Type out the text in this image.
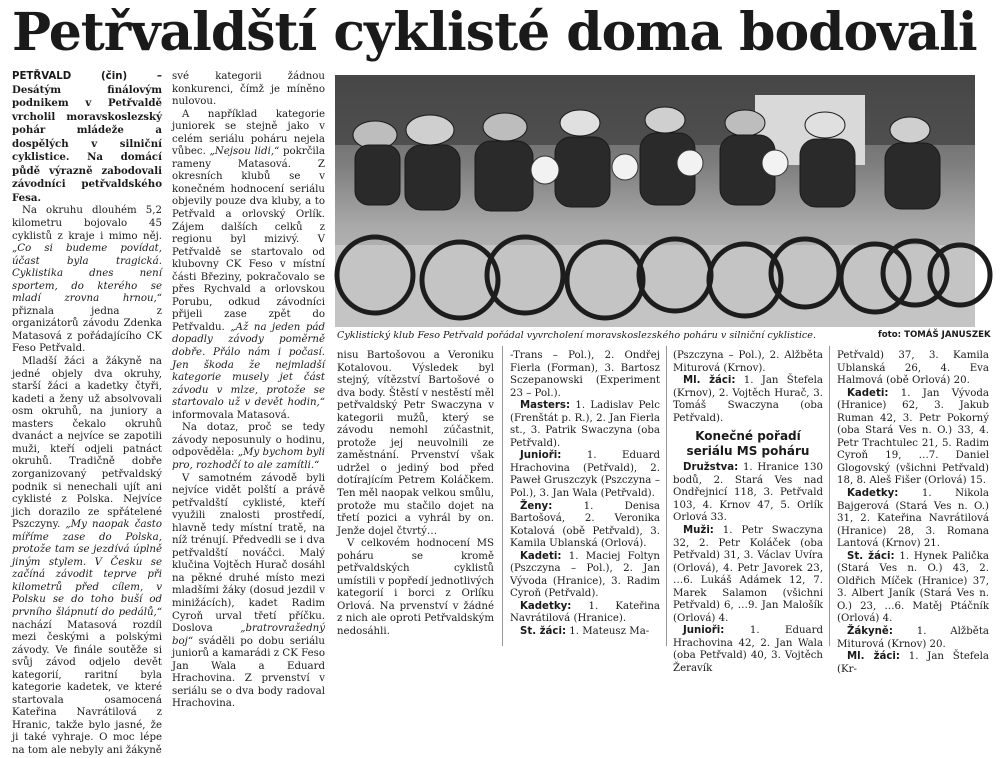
Petřvaldští cyklisté doma bodovali

PETŘVALD (čin) – Desátým finálovým podnikem v Petřvaldě vrcholil moravskoslezský pohár mládeže a dospělých v silniční cyklistice. Na domácí půdě výrazně zabodovali závodníci petřvaldského Fesa.

Na okruhu dlouhém 5,2 kilometru bojovalo 45 cyklistů z kraje i mimo něj. „Co si budeme povídat, účast byla tragická. Cyklistika dnes není sportem, do kterého se mladí zrovna hrnou,“ přiznala jedna z organizátorů závodu Zdenka Matasová z pořádajícího CK Feso Petřvald.

Mladší žáci a žákyně na jedné objely dva okruhy, starší žáci a kadetky čtyři, kadeti a ženy už absolvovali osm okruhů, na juniory a masters čekalo okruhů dvanáct a nejvíce se zapotili muži, kteří odjeli patnáct okruhů. Tradičně dobře zorganizovaný petřvaldský podnik si nenechali ujít ani cyklisté z Polska. Nejvíce jich dorazilo ze spřátelené Pszczyny. „My naopak často míříme zase do Polska, protože tam se jezdívá úplně jiným stylem. V Česku se začíná závodit teprve při kilometrů před cílem, v Polsku se do toho buší od prvního šlápnutí do pedálů,“ nachází Matasová rozdíl mezi českými a polskými závody. Ve finále soutěže si svůj závod odjelo devět kategorií, raritní byla kategorie kadetek, ve které startovala osamocená Kateřina Navrátilová z Hranic, takže bylo jasné, že ji také vyhraje. O moc lépe na tom ale nebyly ani žákyně

své kategorii žádnou konkurenci, čímž je míněno nulovou.

A například kategorie juniorek se stejně jako v celém seriálu poháru nejela vůbec. „Nejsou lidi,“ pokrčila rameny Matasová. Z okresních klubů se v konečném hodnocení seriálu objevily pouze dva kluby, a to Petřvald a orlovský Orlík. Zájem dalších celků z regionu byl mizivý. V Petřvaldě se startovalo od klubovny CK Feso v místní části Březiny, pokračovalo se přes Rychvald a orlovskou Porubu, odkud závodníci přijeli zase zpět do Petřvaldu. „Až na jeden pád dopadly závody poměrně dobře. Přálo nám i počasí. Jen škoda že nejmladší kategorie musely jet část závodu v mlze, protože se startovalo už v devět hodin,“ informovala Matasová.

Na dotaz, proč se tedy závody neposunuly o hodinu, odpověděla: „My bychom byli pro, rozhodčí to ale zamítli.“

V samotném závodě byli nejvíce vidět polští a právě petřvaldští cyklisté, kteří využili znalosti prostředí, hlavně tedy místní tratě, na níž trénují. Předvedli se i dva petřvaldští nováčci. Malý klučina Vojtěch Hurač dosáhl na pěkné druhé místo mezi mladšími žáky (dosud jezdil v minižácích), kadet Radim Cyroň urval třetí příčku. Doslova „bratrovražedný boj“ sváděli po dobu seriálu juniorů a kamarádi z CK Feso Jan Wala a Eduard Hrachovina. Z prvenství v seriálu se o dva body radoval Hrachovina.

Cyklistický klub Feso Petřvald pořádal vyvrcholení moravskoslezského poháru v silniční cyklistice.	foto: TOMÁŠ JANUSZEK

nisu Bartošovou a Veroniku Kotalovou. Výsledek byl stejný, vítězství Bartošové o dva body. Štěstí v nestěstí měl petřvaldský Petr Swaczyna v kategorii mužů, který se závodu nemohl zúčastnit, protože jej neuvolnili ze zaměstnání. Prvenství však udržel o jediný bod před dotírajícím Petrem Koláčkem. Ten měl naopak velkou smůlu, protože mu stačilo dojet na třetí pozici a vyhrál by on. Jenže dojel čtvrtý…

V celkovém hodnocení MS poháru se kromě petřvaldských cyklistů umístili v popředí jednotlivých kategorií i borci z Orlíku Orlová. Na prvenství v žádné z nich ale oproti Petřvaldským nedosáhli.

-Trans – Pol.), 2. Ondřej Fierla (Forman), 3. Bartosz Sczepanowski (Experiment 23 – Pol.).

Masters: 1. Ladislav Pelc (Frenštát p. R.), 2. Jan Fierla st., 3. Patrik Swaczyna (oba Petřvald).

Junioři: 1. Eduard Hrachovina (Petřvald), 2. Paweł Gruszczyk (Pszczyna – Pol.), 3. Jan Wala (Petřvald).

Ženy: 1. Denisa Bartošová, 2. Veronika Kotalová (obě Petřvald), 3. Kamila Ublanská (Orlová).

Kadeti: 1. Maciej Foltyn (Pszczyna – Pol.), 2. Jan Vývoda (Hranice), 3. Radim Cyroň (Petřvald).

Kadetky: 1. Kateřina Navrátilová (Hranice).

St. žáci: 1. Mateusz Ma-

(Pszczyna – Pol.), 2. Alžběta Miturová (Krnov).

Ml. žáci: 1. Jan Štefela (Krnov), 2. Vojtěch Hurač, 3. Tomáš Swaczyna (oba Petřvald).

Konečné pořadí seriálu MS poháru

Družstva: 1. Hranice 130 bodů, 2. Stará Ves nad Ondřejnicí 118, 3. Petřvald 103, 4. Krnov 47, 5. Orlík Orlová 33.

Muži: 1. Petr Swaczyna 32, 2. Petr Koláček (oba Petřvald) 31, 3. Václav Uvíra (Orlová), 4. Petr Javorek 23, …6. Lukáš Adámek 12, 7. Marek Salamon (všichni Petřvald) 6, …9. Jan Malošík (Orlová) 4.

Junioři: 1. Eduard Hrachovina 42, 2. Jan Wala (oba Petřvald) 40, 3. Vojtěch Žeravík

Petřvald) 37, 3. Kamila Ublanská 26, 4. Eva Halmová (obě Orlová) 20.

Kadeti: 1. Jan Vývoda (Hranice) 62, 3. Jakub Ruman 42, 3. Petr Pokorný (oba Stará Ves n. O.) 33, 4. Petr Trachtulec 21, 5. Radim Cyroň 19, …7. Daniel Glogovský (všichni Petřvald) 18, 8. Aleš Fišer (Orlová) 15.

Kadetky: 1. Nikola Bajgerová (Stará Ves n. O.) 31, 2. Kateřina Navrátilová (Hranice) 28, 3. Romana Lantová (Krnov) 21.

St. žáci: 1. Hynek Palička (Stará Ves n. O.) 43, 2. Oldřich Míček (Hranice) 37, 3. Albert Janík (Stará Ves n. O.) 23, …6. Matěj Ptáčník (Orlová) 4.

Žákyně: 1. Alžběta Miturová (Krnov) 20.

Ml. žáci: 1. Jan Štefela (Kr-
